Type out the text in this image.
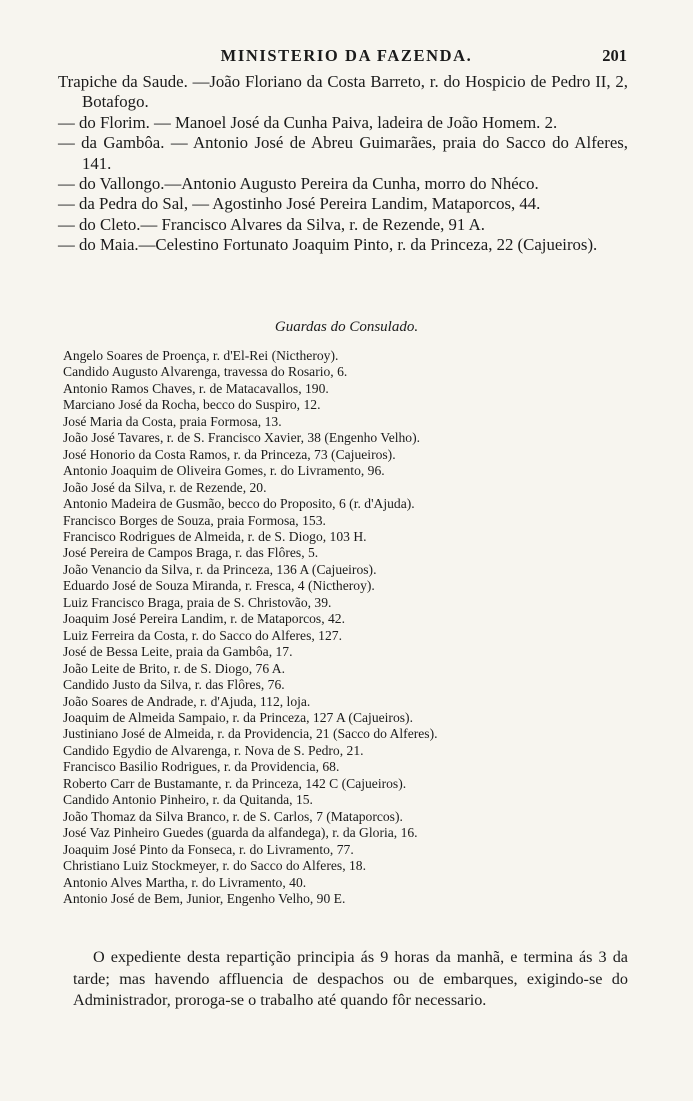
MINISTERIO DA FAZENDA.	201

Trapiche da Saude. —João Floriano da Costa Barreto, r. do Hospicio de Pedro II, 2, Botafogo.

— do Florim. — Manoel José da Cunha Paiva, ladeira de João Homem. 2.

— da Gambôa. — Antonio José de Abreu Guimarães, praia do Sacco do Alferes, 141.

— do Vallongo.—Antonio Augusto Pereira da Cunha, morro do Nhéco.

— da Pedra do Sal, — Agostinho José Pereira Landim, Mataporcos, 44.

— do Cleto.— Francisco Alvares da Silva, r. de Rezende, 91 A.

— do Maia.—Celestino Fortunato Joaquim Pinto, r. da Princeza, 22 (Cajueiros).

Guardas do Consulado.
Angelo Soares de Proença, r. d'El-Rei (Nictheroy).
Candido Augusto Alvarenga, travessa do Rosario, 6.
Antonio Ramos Chaves, r. de Matacavallos, 190.
Marciano José da Rocha, becco do Suspiro, 12.
José Maria da Costa, praia Formosa, 13.
João José Tavares, r. de S. Francisco Xavier, 38 (Engenho Velho).
José Honorio da Costa Ramos, r. da Princeza, 73 (Cajueiros).
Antonio Joaquim de Oliveira Gomes, r. do Livramento, 96.
João José da Silva, r. de Rezende, 20.
Antonio Madeira de Gusmão, becco do Proposito, 6 (r. d'Ajuda).
Francisco Borges de Souza, praia Formosa, 153.
Francisco Rodrigues de Almeida, r. de S. Diogo, 103 H.
José Pereira de Campos Braga, r. das Flôres, 5.
João Venancio da Silva, r. da Princeza, 136 A (Cajueiros).
Eduardo José de Souza Miranda, r. Fresca, 4 (Nictheroy).
Luiz Francisco Braga, praia de S. Christovão, 39.
Joaquim José Pereira Landim, r. de Mataporcos, 42.
Luiz Ferreira da Costa, r. do Sacco do Alferes, 127.
José de Bessa Leite, praia da Gambôa, 17.
João Leite de Brito, r. de S. Diogo, 76 A.
Candido Justo da Silva, r. das Flôres, 76.
João Soares de Andrade, r. d'Ajuda, 112, loja.
Joaquim de Almeida Sampaio, r. da Princeza, 127 A (Cajueiros).
Justiniano José de Almeida, r. da Providencia, 21 (Sacco do Alferes).
Candido Egydio de Alvarenga, r. Nova de S. Pedro, 21.
Francisco Basilio Rodrigues, r. da Providencia, 68.
Roberto Carr de Bustamante, r. da Princeza, 142 C (Cajueiros).
Candido Antonio Pinheiro, r. da Quitanda, 15.
João Thomaz da Silva Branco, r. de S. Carlos, 7 (Mataporcos).
José Vaz Pinheiro Guedes (guarda da alfandega), r. da Gloria, 16.
Joaquim José Pinto da Fonseca, r. do Livramento, 77.
Christiano Luiz Stockmeyer, r. do Sacco do Alferes, 18.
Antonio Alves Martha, r. do Livramento, 40.
Antonio José de Bem, Junior, Engenho Velho, 90 E.

O expediente desta repartição principia ás 9 horas da manhã, e termina ás 3 da tarde; mas havendo affluencia de despachos ou de embarques, exigindo-se do Administrador, proroga-se o trabalho até quando fôr necessario.
